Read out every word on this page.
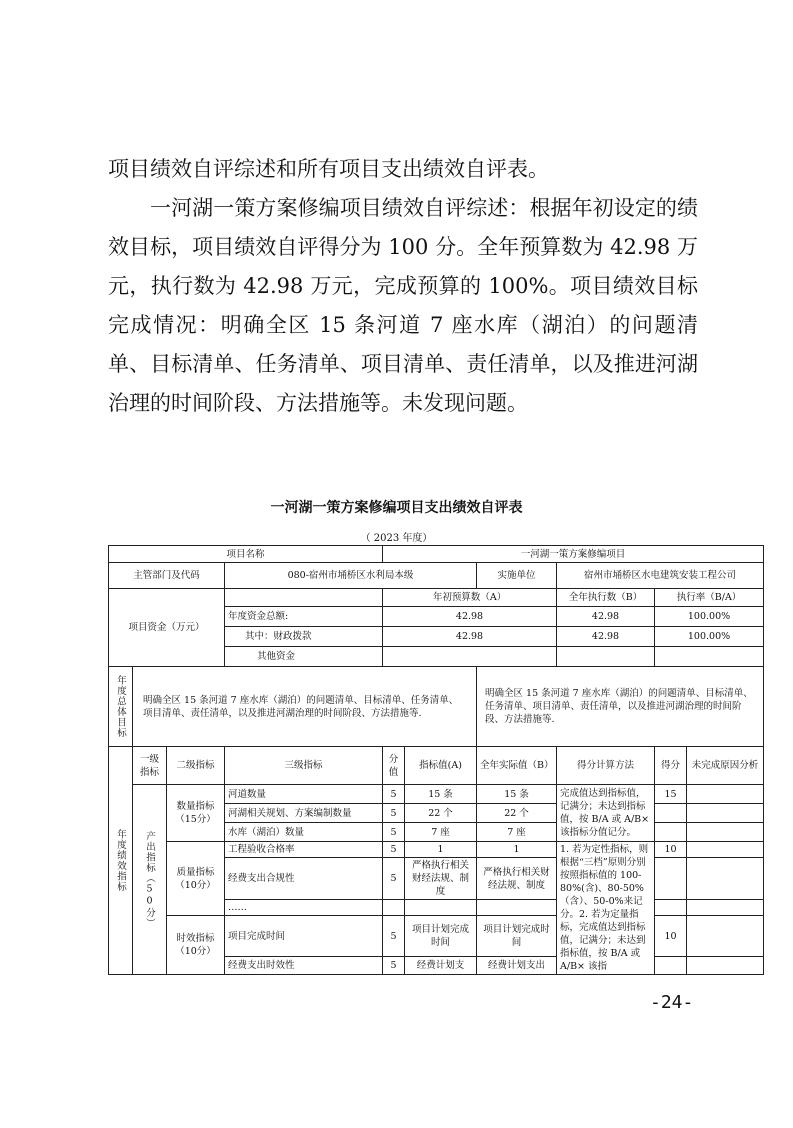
项目绩效自评综述和所有项目支出绩效自评表。

一河湖一策方案修编项目绩效自评综述：根据年初设定的绩效目标，项目绩效自评得分为 100 分。全年预算数为 42.98 万元，执行数为 42.98 万元，完成预算的 100%。项目绩效目标完成情况：明确全区 15 条河道 7 座水库（湖泊）的问题清单、目标清单、任务清单、项目清单、责任清单，以及推进河湖治理的时间阶段、方法措施等。未发现问题。

一河湖一策方案修编项目支出绩效自评表
（ 2023 年度）
项目名称				一河湖一策方案修编项目					
主管部门及代码			080-宿州市埇桥区水利局本级			实施单位	宿州市埇桥区水电建筑安装工程公司		
项目资金（万元）				年初预算数（A）			全年执行数（B）	执行率（B/A）	
			年度资金总额:	42.98			42.98	100.00%	
			其中：财政拨款	42.98			42.98	100.00%	
			其他资金						
年度总体目标	明确全区 15 条河道 7 座水库（湖泊）的问题清单、目标清单、任务清单、项目清单、责任清单，以及推进河湖治理的时间阶段、方法措施等.					明确全区 15 条河道 7 座水库（湖泊）的问题清单、目标清单、任务清单、项目清单、责任清单，以及推进河湖治理的时间阶段、方法措施等.			
年度绩效指标	一级指标	二级指标	三级指标	分值	指标值(A)	全年实际值（B）	得分计算方法	得分	未完成原因分析
	产出指标（50分）	数量指标（15分）	河道数量	5	15 条	15 条	完成值达到指标值，记满分；未达到指标值，按 B/A 或 A/B×该指标分值记分。	15	
			河湖相关规划、方案编制数量	5	22 个	22 个			
			水库（湖泊）数量	5	7 座	7 座			
		质量指标（10分）	工程验收合格率	5	1	1	1. 若为定性指标，则根据“三档”原则分别按照指标值的 100-80%(含)、80-50%（含）、50-0%来记分。2. 若为定量指标，完成值达到指标值，记满分；未达到指标值，按 B/A 或 A/B× 该指	10	
			经费支出合规性	5	严格执行相关财经法规、制度	严格执行相关财经法规、制度			
			……						
		时效指标（10分）	项目完成时间	5	项目计划完成时间	项目计划完成时间		10	
			经费支出时效性	5	经费计划支	经费计划支出			
-24-
